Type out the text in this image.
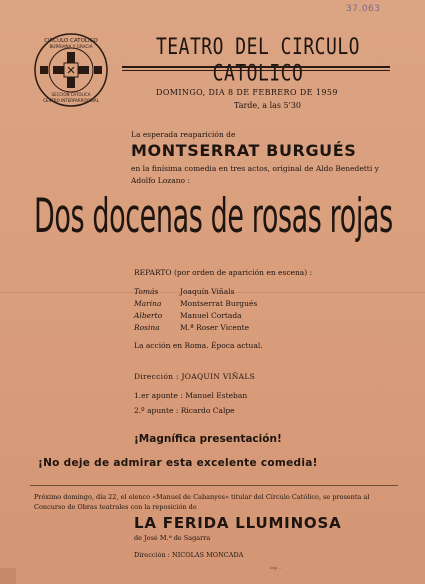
37.063
CIRCULO CATOLICO
BURRIANA Y GRACIA
SECCION CATOLICA
CENTRO INTERPARROQUIAL
TEATRO DEL CIRCULO CATOLICO
DOMINGO, DIA 8 DE FEBRERO DE 1959
Tarde, a las 5'30
La esperada reaparición de
MONTSERRAT BURGUÉS
en la finísima comedia en tres actos, original de Aldo Benedetti y Adolfo Lozano :
Dos docenas de rosas rojas
REPARTO (por orden de aparición en escena) :
Tomás	Joaquín Viñals
Marina Montserrat Burgués
Alberto Manuel Cortada
Rosina	M.ª Roser Vicente
La acción en Roma. Época actual.
Dirección : JOAQUIN VIÑALS
1.er apunte : Manuel Esteban
2.º apunte : Ricardo Calpe
¡Magnífica presentación!
¡No deje de admirar esta excelente comedia!
Próximo domingo, día 22, el elenco «Manuel de Cabanyes» titular del Círculo Católico, se presenta al Concurso de Obras teatrales con la reposición de
LA FERIDA LLUMINOSA
de José M.ª de Sagarra
Dirección : NICOLAS MONCADA
Imp. ...
